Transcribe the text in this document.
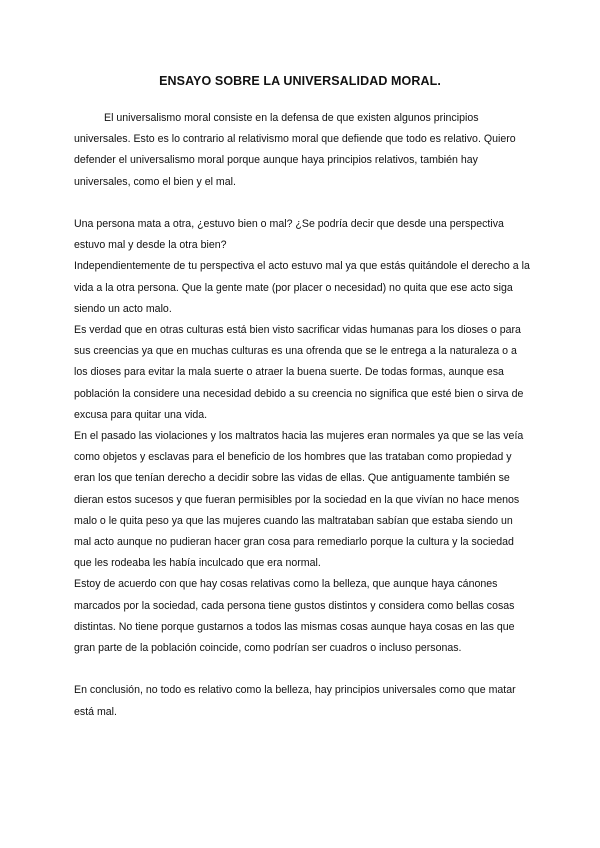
ENSAYO SOBRE LA UNIVERSALIDAD MORAL.

El universalismo moral consiste en la defensa de que existen algunos principios universales. Esto es lo contrario al relativismo moral que defiende que todo es relativo. Quiero defender el universalismo moral porque aunque haya principios relativos, también hay universales, como el bien y el mal.

Una persona mata a otra, ¿estuvo bien o mal? ¿Se podría decir que desde una perspectiva estuvo mal y desde la otra bien?

Independientemente de tu perspectiva el acto estuvo mal ya que estás quitándole el derecho a la vida a la otra persona. Que la gente mate (por placer o necesidad) no quita que ese acto siga siendo un acto malo.

Es verdad que en otras culturas está bien visto sacrificar vidas humanas para los dioses o para sus creencias ya que en muchas culturas es una ofrenda que se le entrega a la naturaleza o a los dioses para evitar la mala suerte o atraer la buena suerte. De todas formas, aunque esa población la considere una necesidad debido a su creencia no significa que esté bien o sirva de excusa para quitar una vida.

En el pasado las violaciones y los maltratos hacia las mujeres eran normales ya que se las veía como objetos y esclavas para el beneficio de los hombres que las trataban como propiedad y eran los que tenían derecho a decidir sobre las vidas de ellas. Que antiguamente también se dieran estos sucesos y que fueran permisibles por la sociedad en la que vivían no hace menos malo o le quita peso ya que las mujeres cuando las maltrataban sabían que estaba siendo un mal acto aunque no pudieran hacer gran cosa para remediarlo porque la cultura y la sociedad que les rodeaba les había inculcado que era normal.

Estoy de acuerdo con que hay cosas relativas como la belleza, que aunque haya cánones marcados por la sociedad, cada persona tiene gustos distintos y considera como bellas cosas distintas. No tiene porque gustarnos a todos las mismas cosas aunque haya cosas en las que gran parte de la población coincide, como podrían ser cuadros o incluso personas.

En conclusión, no todo es relativo como la belleza, hay principios universales como que matar está mal.
